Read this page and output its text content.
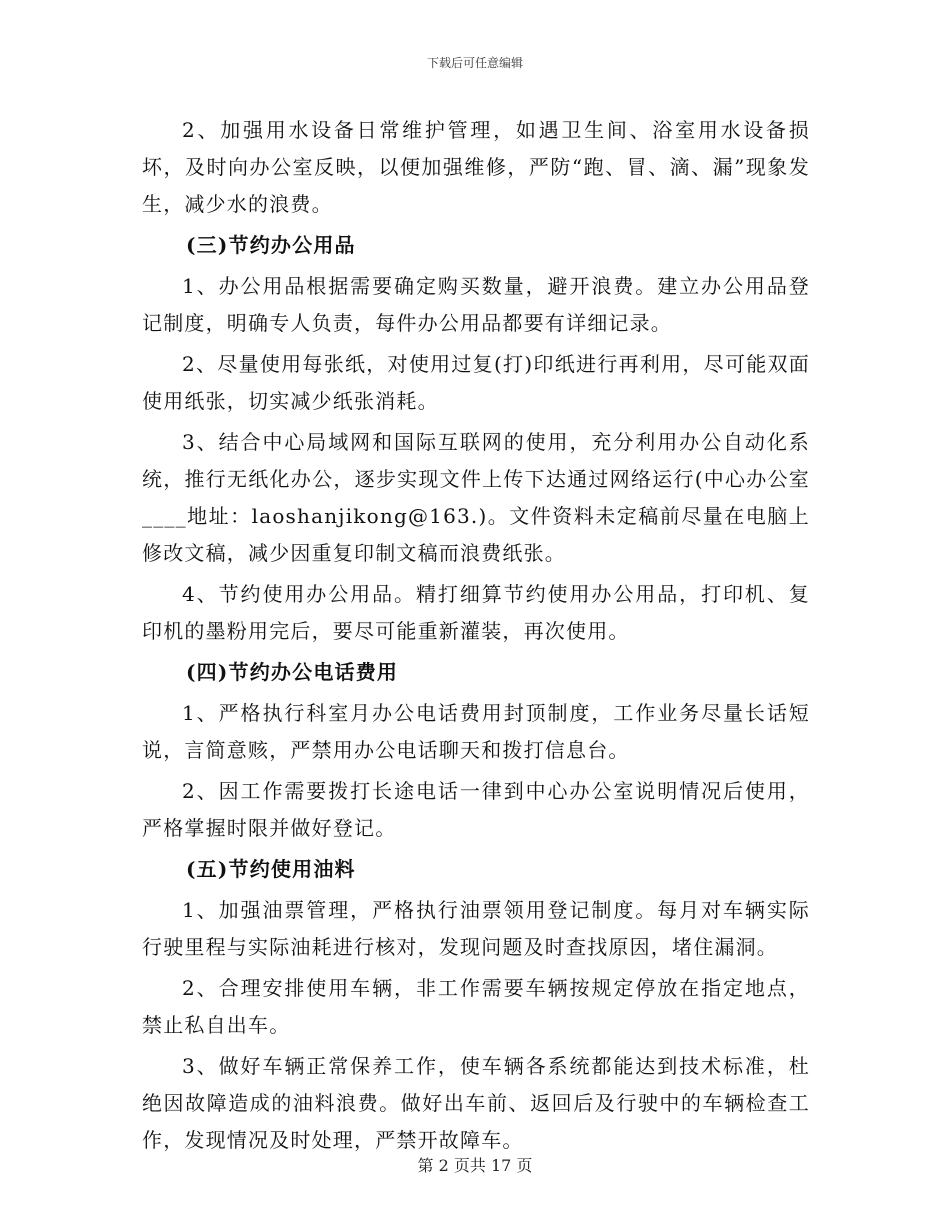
下载后可任意编辑

2、加强用水设备日常维护管理，如遇卫生间、浴室用水设备损坏，及时向办公室反映，以便加强维修，严防“跑、冒、滴、漏”现象发生，减少水的浪费。

(三)节约办公用品

1、办公用品根据需要确定购买数量，避开浪费。建立办公用品登记制度，明确专人负责，每件办公用品都要有详细记录。

2、尽量使用每张纸，对使用过复(打)印纸进行再利用，尽可能双面使用纸张，切实减少纸张消耗。

3、结合中心局域网和国际互联网的使用，充分利用办公自动化系统，推行无纸化办公，逐步实现文件上传下达通过网络运行(中心办公室____地址：laoshanjikong@163.)。文件资料未定稿前尽量在电脑上修改文稿，减少因重复印制文稿而浪费纸张。

4、节约使用办公用品。精打细算节约使用办公用品，打印机、复印机的墨粉用完后，要尽可能重新灌装，再次使用。

(四)节约办公电话费用

1、严格执行科室月办公电话费用封顶制度，工作业务尽量长话短说，言简意赅，严禁用办公电话聊天和拨打信息台。

2、因工作需要拨打长途电话一律到中心办公室说明情况后使用，严格掌握时限并做好登记。

(五)节约使用油料

1、加强油票管理，严格执行油票领用登记制度。每月对车辆实际行驶里程与实际油耗进行核对，发现问题及时查找原因，堵住漏洞。

2、合理安排使用车辆，非工作需要车辆按规定停放在指定地点，禁止私自出车。

3、做好车辆正常保养工作，使车辆各系统都能达到技术标准，杜绝因故障造成的油料浪费。做好出车前、返回后及行驶中的车辆检查工作，发现情况及时处理，严禁开故障车。

第 2 页共 17 页
